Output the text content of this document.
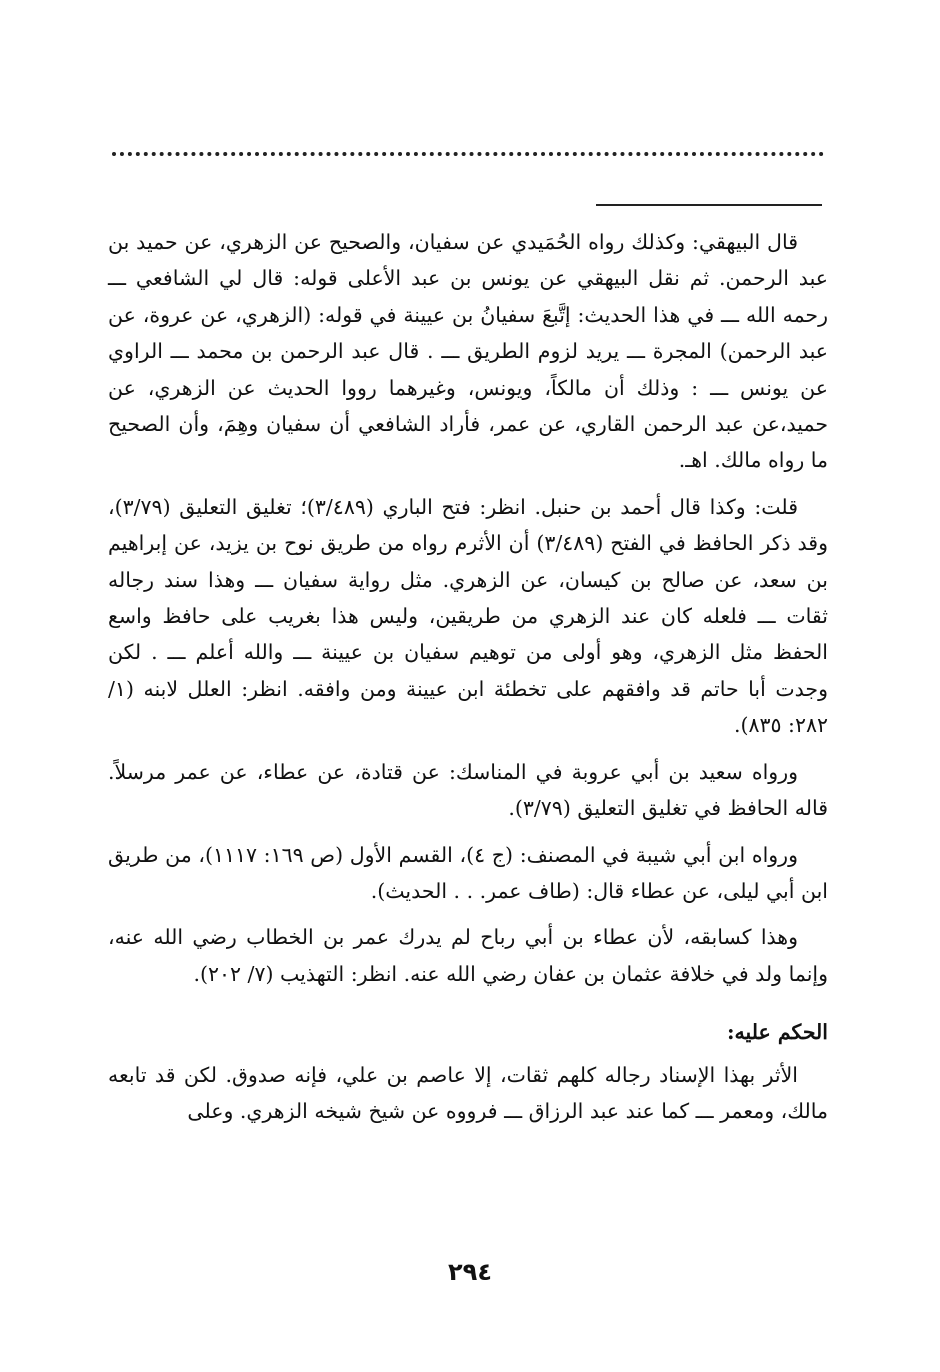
قال البيهقي: وكذلك رواه الحُمَيدي عن سفيان، والصحيح عن الزهري، عن حميد بن عبد الرحمن. ثم نقل البيهقي عن يونس بن عبد الأعلى قوله: قال لي الشافعي ـــ رحمه الله ـــ في هذا الحديث: إتَّبعَ سفيانُ بن عيينة في قوله: (الزهري، عن عروة، عن عبد الرحمن) المجرة ـــ يريد لزوم الطريق ـــ . قال عبد الرحمن بن محمد ـــ الراوي عن يونس ـــ : وذلك أن مالكاً، ويونس، وغيرهما رووا الحديث عن الزهري، عن حميد،عن عبد الرحمن القاري، عن عمر، فأراد الشافعي أن سفيان وهِمَ، وأن الصحيح ما رواه مالك. اهـ.

قلت: وكذا قال أحمد بن حنبل. انظر: فتح الباري (٣/٤٨٩)؛ تغليق التعليق (٣/٧٩)، وقد ذكر الحافظ في الفتح (٣/٤٨٩) أن الأثرم رواه من طريق نوح بن يزيد، عن إبراهيم بن سعد، عن صالح بن كيسان، عن الزهري. مثل رواية سفيان ـــ وهذا سند رجاله ثقات ـــ فلعله كان عند الزهري من طريقين، وليس هذا بغريب على حافظ واسع الحفظ مثل الزهري، وهو أولى من توهيم سفيان بن عيينة ـــ والله أعلم ـــ . لكن وجدت أبا حاتم قد وافقهم على تخطئة ابن عيينة ومن وافقه. انظر: العلل لابنه (١/ ٢٨٢: ٨٣٥).

ورواه سعيد بن أبي عروبة في المناسك: عن قتادة، عن عطاء، عن عمر مرسلاً. قاله الحافظ في تغليق التعليق (٣/٧٩).

ورواه ابن أبي شيبة في المصنف: (ج ٤)، القسم الأول (ص ١٦٩: ١١١٧)، من طريق ابن أبي ليلى، عن عطاء قال: (طاف عمر. . . الحديث).

وهذا كسابقه، لأن عطاء بن أبي رباح لم يدرك عمر بن الخطاب رضي الله عنه، وإنما ولد في خلافة عثمان بن عفان رضي الله عنه. انظر: التهذيب (٧/ ٢٠٢).

الحكم عليه:

الأثر بهذا الإسناد رجاله كلهم ثقات، إلا عاصم بن علي، فإنه صدوق. لكن قد تابعه مالك، ومعمر ـــ كما عند عبد الرزاق ـــ فرووه عن شيخ شيخه الزهري. وعلى

٢٩٤
